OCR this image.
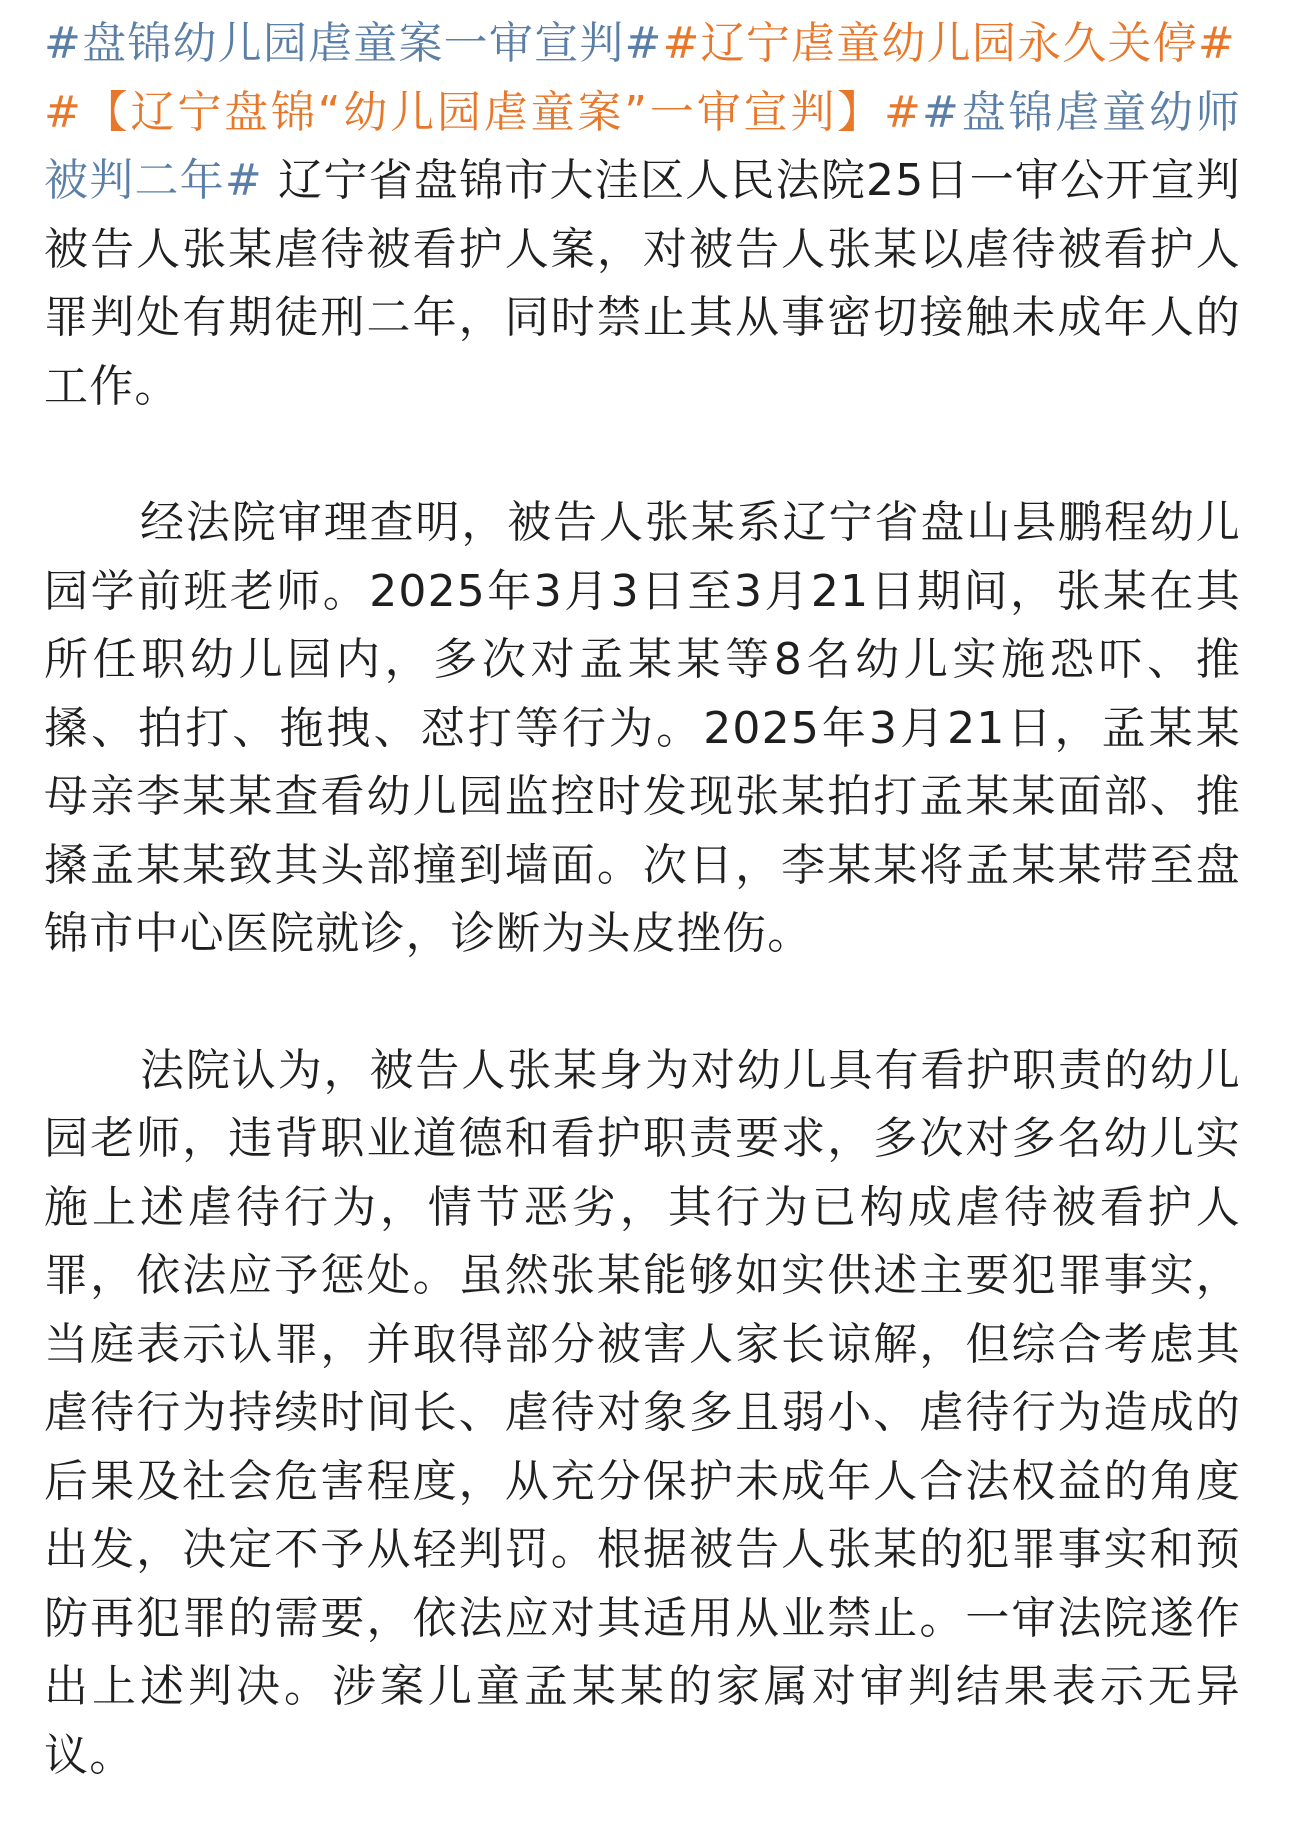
#盘锦幼儿园虐童案一审宣判##辽宁虐童幼儿园永久关停#
#【辽宁盘锦“幼儿园虐童案”一审宣判】##盘锦虐童幼师被判二年# 辽宁省盘锦市大洼区人民法院25日一审公开宣判被告人张某虐待被看护人案，对被告人张某以虐待被看护人罪判处有期徒刑二年，同时禁止其从事密切接触未成年人的工作。

经法院审理查明，被告人张某系辽宁省盘山县鹏程幼儿园学前班老师。2025年3月3日至3月21日期间，张某在其所任职幼儿园内，多次对孟某某等8名幼儿实施恐吓、推搡、拍打、拖拽、怼打等行为。2025年3月21日，孟某某母亲李某某查看幼儿园监控时发现张某拍打孟某某面部、推搡孟某某致其头部撞到墙面。次日，李某某将孟某某带至盘锦市中心医院就诊，诊断为头皮挫伤。

法院认为，被告人张某身为对幼儿具有看护职责的幼儿园老师，违背职业道德和看护职责要求，多次对多名幼儿实施上述虐待行为，情节恶劣，其行为已构成虐待被看护人罪，依法应予惩处。虽然张某能够如实供述主要犯罪事实，当庭表示认罪，并取得部分被害人家长谅解，但综合考虑其虐待行为持续时间长、虐待对象多且弱小、虐待行为造成的后果及社会危害程度，从充分保护未成年人合法权益的角度出发，决定不予从轻判罚。根据被告人张某的犯罪事实和预防再犯罪的需要，依法应对其适用从业禁止。一审法院遂作出上述判决。涉案儿童孟某某的家属对审判结果表示无异议。
